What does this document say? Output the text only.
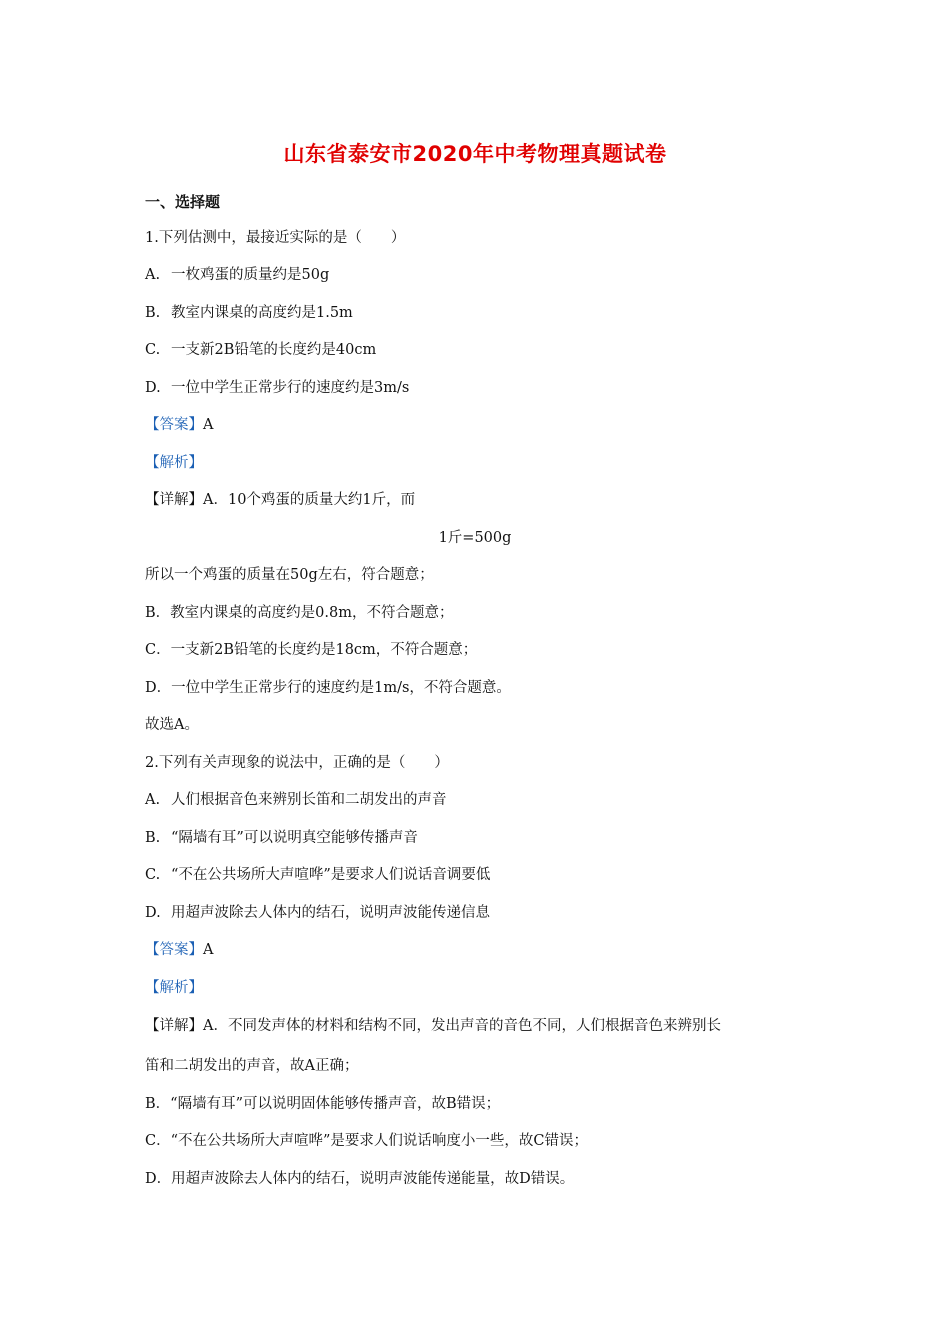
山东省泰安市2020年中考物理真题试卷
一、选择题
1.下列估测中，最接近实际的是（　　）
A. 一枚鸡蛋的质量约是50g
B. 教室内课桌的高度约是1.5m
C. 一支新2B铅笔的长度约是40cm
D. 一位中学生正常步行的速度约是3m/s
【答案】A
【解析】
【详解】A．10个鸡蛋的质量大约1斤，而
1斤=500g
所以一个鸡蛋的质量在50g左右，符合题意；
B．教室内课桌的高度约是0.8m，不符合题意；
C．一支新2B铅笔的长度约是18cm，不符合题意；
D．一位中学生正常步行的速度约是1m/s，不符合题意。
故选A。
2.下列有关声现象的说法中，正确的是（　　）
A. 人们根据音色来辨别长笛和二胡发出的声音
B. “隔墙有耳”可以说明真空能够传播声音
C. “不在公共场所大声喧哗”是要求人们说话音调要低
D. 用超声波除去人体内的结石，说明声波能传递信息
【答案】A
【解析】
【详解】A．不同发声体的材料和结构不同，发出声音的音色不同，人们根据音色来辨别长
笛和二胡发出的声音，故A正确；
B．“隔墙有耳”可以说明固体能够传播声音，故B错误；
C．“不在公共场所大声喧哗”是要求人们说话响度小一些，故C错误；
D．用超声波除去人体内的结石，说明声波能传递能量，故D错误。
